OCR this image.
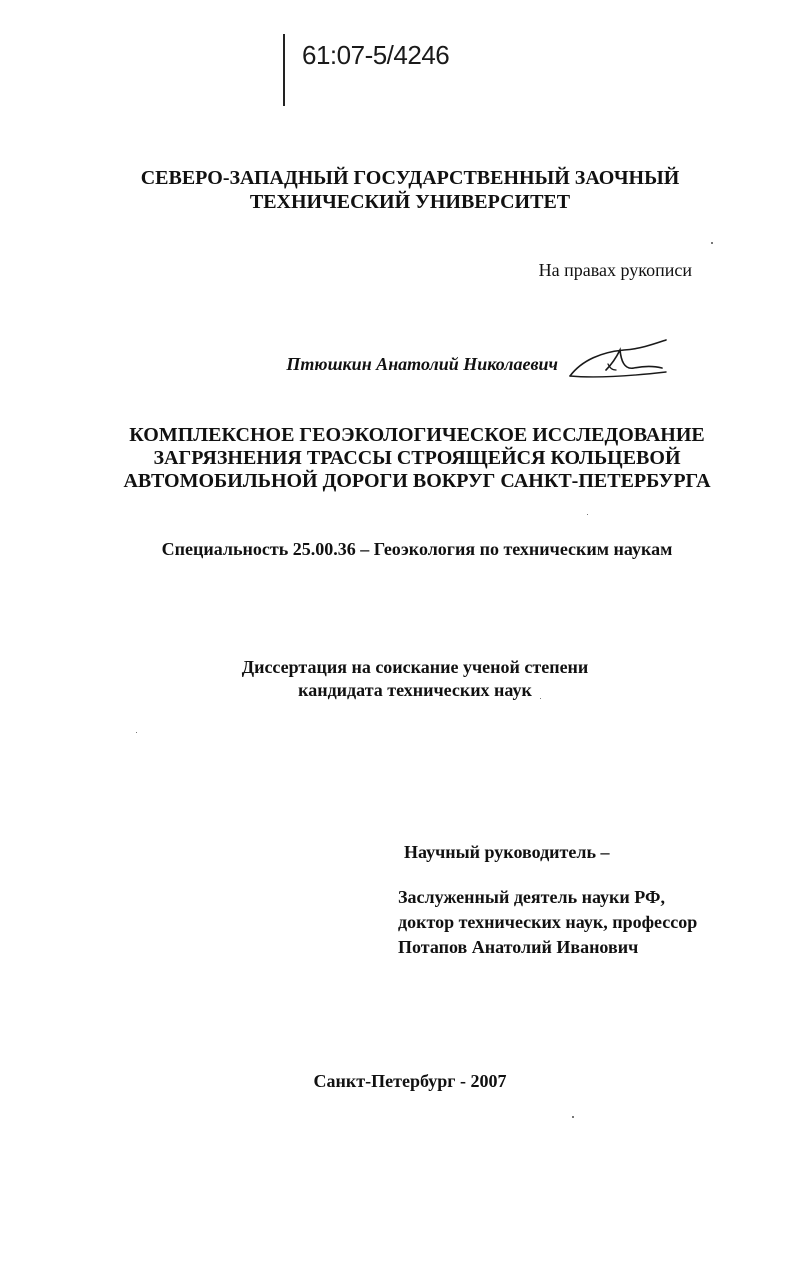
61:07-5/4246
СЕВЕРО-ЗАПАДНЫЙ ГОСУДАРСТВЕННЫЙ ЗАОЧНЫЙ
ТЕХНИЧЕСКИЙ УНИВЕРСИТЕТ
На правах рукописи
Птюшкин Анатолий Николаевич
КОМПЛЕКСНОЕ ГЕОЭКОЛОГИЧЕСКОЕ ИССЛЕДОВАНИЕ
ЗАГРЯЗНЕНИЯ ТРАССЫ СТРОЯЩЕЙСЯ КОЛЬЦЕВОЙ
АВТОМОБИЛЬНОЙ ДОРОГИ ВОКРУГ САНКТ-ПЕТЕРБУРГА
Специальность 25.00.36 – Геоэкология по техническим наукам
Диссертация на соискание ученой степени
кандидата технических наук
Научный руководитель –
Заслуженный деятель науки РФ,
доктор технических наук, профессор
Потапов Анатолий Иванович
Санкт-Петербург - 2007
